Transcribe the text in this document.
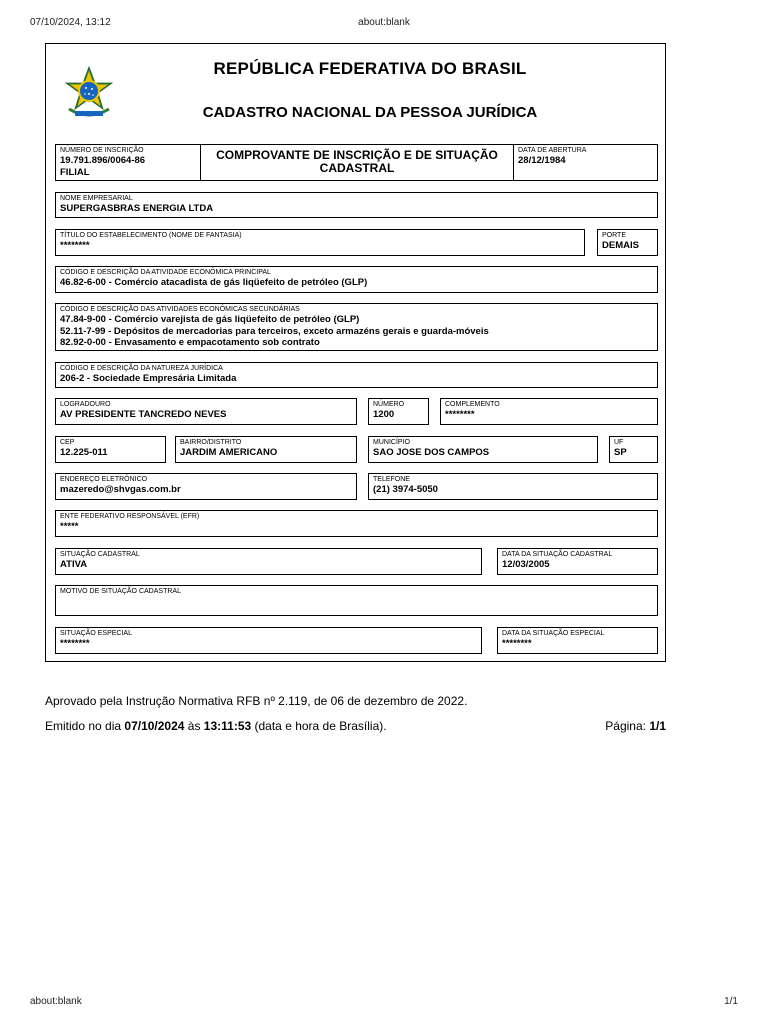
07/10/2024, 13:12	about:blank
REPÚBLICA FEDERATIVA DO BRASIL
CADASTRO NACIONAL DA PESSOA JURÍDICA
NÚMERO DE INSCRIÇÃO
19.791.896/0064-86
FILIAL
COMPROVANTE DE INSCRIÇÃO E DE SITUAÇÃO CADASTRAL
DATA DE ABERTURA
28/12/1984
NOME EMPRESARIAL
SUPERGASBRAS ENERGIA LTDA
TÍTULO DO ESTABELECIMENTO (NOME DE FANTASIA)
********
PORTE
DEMAIS
CÓDIGO E DESCRIÇÃO DA ATIVIDADE ECONÔMICA PRINCIPAL
46.82-6-00 - Comércio atacadista de gás liqüefeito de petróleo (GLP)
CÓDIGO E DESCRIÇÃO DAS ATIVIDADES ECONÔMICAS SECUNDÁRIAS
47.84-9-00 - Comércio varejista de gás liqüefeito de petróleo (GLP)
52.11-7-99 - Depósitos de mercadorias para terceiros, exceto armazéns gerais e guarda-móveis
82.92-0-00 - Envasamento e empacotamento sob contrato
CÓDIGO E DESCRIÇÃO DA NATUREZA JURÍDICA
206-2 - Sociedade Empresária Limitada
LOGRADOURO
AV PRESIDENTE TANCREDO NEVES
NÚMERO
1200
COMPLEMENTO
********
CEP
12.225-011
BAIRRO/DISTRITO
JARDIM AMERICANO
MUNICÍPIO
SAO JOSE DOS CAMPOS
UF
SP
ENDEREÇO ELETRÔNICO
mazeredo@shvgas.com.br
TELEFONE
(21) 3974-5050
ENTE FEDERATIVO RESPONSÁVEL (EFR)
*****
SITUAÇÃO CADASTRAL
ATIVA
DATA DA SITUAÇÃO CADASTRAL
12/03/2005
MOTIVO DE SITUAÇÃO CADASTRAL
SITUAÇÃO ESPECIAL
********
DATA DA SITUAÇÃO ESPECIAL
********
Aprovado pela Instrução Normativa RFB nº 2.119, de 06 de dezembro de 2022.
Emitido no dia 07/10/2024 às 13:11:53 (data e hora de Brasília).	Página: 1/1
about:blank	1/1
